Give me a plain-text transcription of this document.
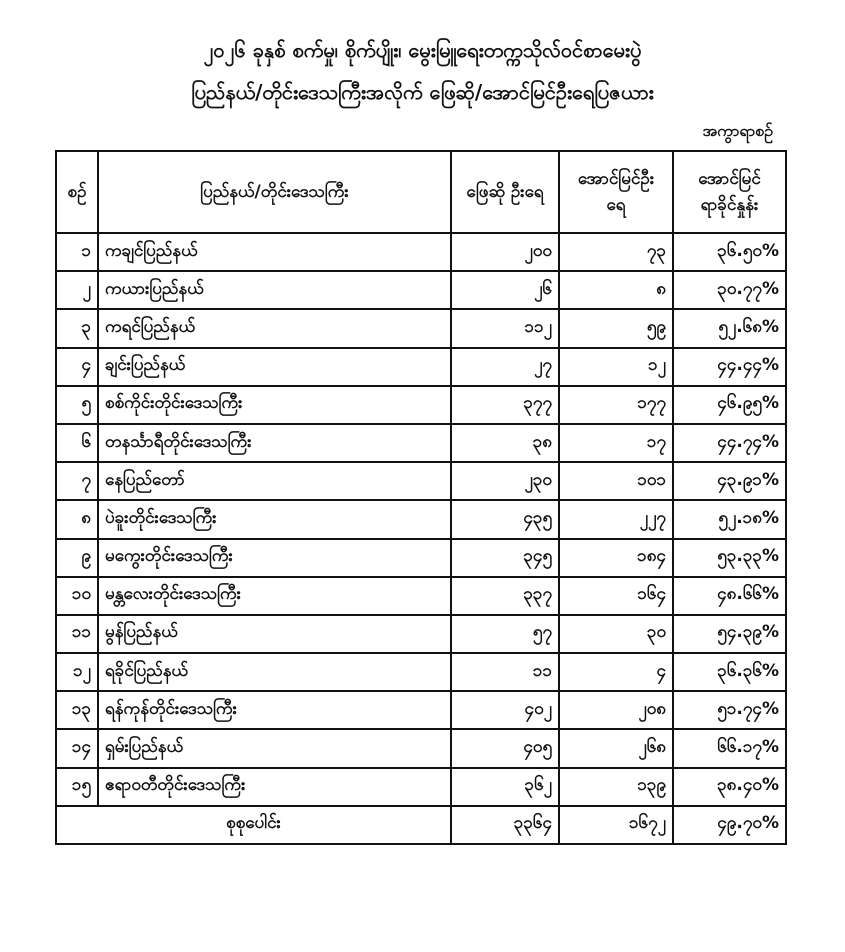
၂၀၂၆ ခုနှစ် စက်မှု၊ စိုက်ပျိုး၊ မွေးမြူရေးတက္ကသိုလ်ဝင်စာမေးပွဲ
ပြည်နယ်/တိုင်းဒေသကြီးအလိုက် ဖြေဆို/အောင်မြင်ဦးရေပြဇယား
အကွာရာစဉ်
စဉ်	ပြည်နယ်/တိုင်းဒေသကြီး	ဖြေဆို ဦးရေ	အောင်မြင်ဦး ရေ	အောင်မြင် ရာခိုင်နှုန်း
၁	ကချင်ပြည်နယ်	၂၀၀	၇၃	၃၆.၅၀%
၂	ကယားပြည်နယ်	၂၆	၈	၃၀.၇၇%
၃	ကရင်ပြည်နယ်	၁၁၂	၅၉	၅၂.၆၈%
၄	ချင်းပြည်နယ်	၂၇	၁၂	၄၄.၄၄%
၅	စစ်ကိုင်းတိုင်းဒေသကြီး	၃၇၇	၁၇၇	၄၆.၉၅%
၆	တနင်္သာရီတိုင်းဒေသကြီး	၃၈	၁၇	၄၄.၇၄%
၇	နေပြည်တော်	၂၃၀	၁၀၁	၄၃.၉၁%
၈	ပဲခူးတိုင်းဒေသကြီး	၄၃၅	၂၂၇	၅၂.၁၈%
၉	မကွေးတိုင်းဒေသကြီး	၃၄၅	၁၈၄	၅၃.၃၃%
၁၀	မန္တလေးတိုင်းဒေသကြီး	၃၃၇	၁၆၄	၄၈.၆၆%
၁၁	မွန်ပြည်နယ်	၅၇	၃၀	၅၄.၃၉%
၁၂	ရခိုင်ပြည်နယ်	၁၁	၄	၃၆.၃၆%
၁၃	ရန်ကုန်တိုင်းဒေသကြီး	၄၀၂	၂၀၈	၅၁.၇၄%
၁၄	ရှမ်းပြည်နယ်	၄၀၅	၂၆၈	၆၆.၁၇%
၁၅	ဧရာဝတီတိုင်းဒေသကြီး	၃၆၂	၁၃၉	၃၈.၄၀%
စုစုပေါင်း		၃၃၆၄	၁၆၇၂	၄၉.၇၀%
